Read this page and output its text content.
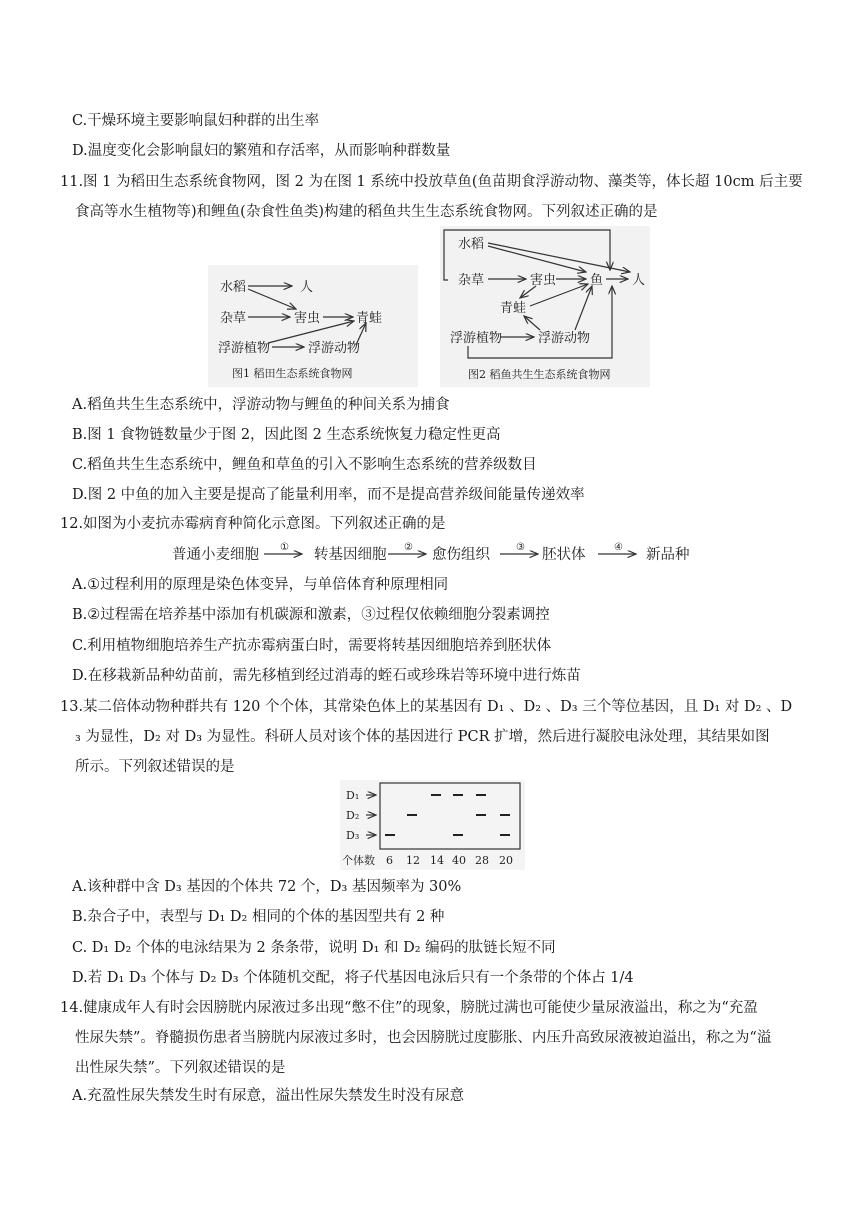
C.干燥环境主要影响鼠妇种群的出生率
D.温度变化会影响鼠妇的繁殖和存活率，从而影响种群数量
11.图 1 为稻田生态系统食物网，图 2 为在图 1 系统中投放草鱼(鱼苗期食浮游动物、藻类等，体长超 10cm 后主要
食高等水生植物等)和鲤鱼(杂食性鱼类)构建的稻鱼共生生态系统食物网。下列叙述正确的是
水稻	人
杂草	害虫	青蛙
浮游植物	浮游动物
图1 稻田生态系统食物网
水稻
杂草	害虫	鱼 人
青蛙
浮游植物	浮游动物
图2 稻鱼共生生态系统食物网
A.稻鱼共生生态系统中，浮游动物与鲤鱼的种间关系为捕食
B.图 1 食物链数量少于图 2，因此图 2 生态系统恢复力稳定性更高
C.稻鱼共生生态系统中，鲤鱼和草鱼的引入不影响生态系统的营养级数目
D.图 2 中鱼的加入主要是提高了能量利用率，而不是提高营养级间能量传递效率
12.如图为小麦抗赤霉病育种简化示意图。下列叙述正确的是
普通小麦细胞 ① 转基因细胞 ② 愈伤组织	③ 胚状体	④ 新品种
A.①过程利用的原理是染色体变异，与单倍体育种原理相同
B.②过程需在培养基中添加有机碳源和激素，③过程仅依赖细胞分裂素调控
C.利用植物细胞培养生产抗赤霉病蛋白时，需要将转基因细胞培养到胚状体
D.在移栽新品种幼苗前，需先移植到经过消毒的蛭石或珍珠岩等环境中进行炼苗
13.某二倍体动物种群共有 120 个个体，其常染色体上的某基因有 D₁ 、D₂ 、D₃ 三个等位基因，且 D₁ 对 D₂ 、D
₃ 为显性，D₂ 对 D₃ 为显性。科研人员对该个体的基因进行 PCR 扩增，然后进行凝胶电泳处理，其结果如图
所示。下列叙述错误的是
D₁
D₂
D₃
个体数 6 12 14 40 28 20
A.该种群中含 D₃ 基因的个体共 72 个，D₃ 基因频率为 30%
B.杂合子中，表型与 D₁ D₂ 相同的个体的基因型共有 2 种
C. D₁ D₂ 个体的电泳结果为 2 条条带，说明 D₁ 和 D₂ 编码的肽链长短不同
D.若 D₁ D₃ 个体与 D₂ D₃ 个体随机交配，将子代基因电泳后只有一个条带的个体占 1/4
14.健康成年人有时会因膀胱内尿液过多出现“憋不住”的现象，膀胱过满也可能使少量尿液溢出，称之为“充盈
性尿失禁”。脊髓损伤患者当膀胱内尿液过多时，也会因膀胱过度膨胀、内压升高致尿液被迫溢出，称之为“溢
出性尿失禁”。下列叙述错误的是
A.充盈性尿失禁发生时有尿意，溢出性尿失禁发生时没有尿意
